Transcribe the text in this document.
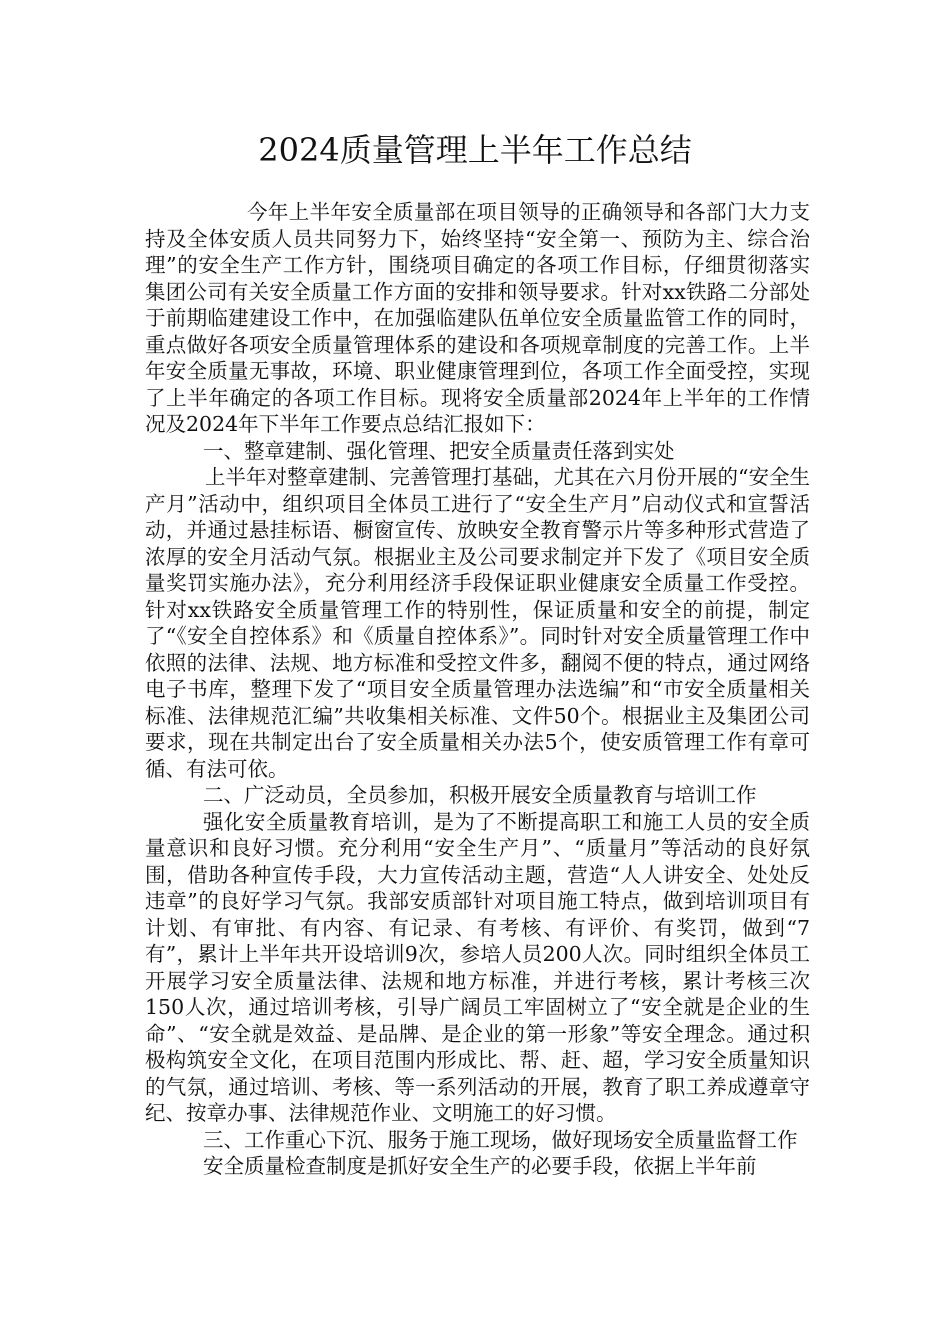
2024质量管理上半年工作总结

今年上半年安全质量部在项目领导的正确领导和各部门大力支持及全体安质人员共同努力下，始终坚持“安全第一、预防为主、综合治理”的安全生产工作方针，围绕项目确定的各项工作目标，仔细贯彻落实集团公司有关安全质量工作方面的安排和领导要求。针对xx铁路二分部处于前期临建建设工作中，在加强临建队伍单位安全质量监管工作的同时，重点做好各项安全质量管理体系的建设和各项规章制度的完善工作。上半年安全质量无事故，环境、职业健康管理到位，各项工作全面受控，实现了上半年确定的各项工作目标。现将安全质量部2024年上半年的工作情况及2024年下半年工作要点总结汇报如下：

一、整章建制、强化管理、把安全质量责任落到实处

上半年对整章建制、完善管理打基础，尤其在六月份开展的“安全生产月”活动中，组织项目全体员工进行了“安全生产月”启动仪式和宣誓活动，并通过悬挂标语、橱窗宣传、放映安全教育警示片等多种形式营造了浓厚的安全月活动气氛。根据业主及公司要求制定并下发了《项目安全质量奖罚实施办法》，充分利用经济手段保证职业健康安全质量工作受控。针对xx铁路安全质量管理工作的特别性，保证质量和安全的前提，制定了“《安全自控体系》和《质量自控体系》”。同时针对安全质量管理工作中依照的法律、法规、地方标准和受控文件多，翻阅不便的特点，通过网络电子书库，整理下发了“项目安全质量管理办法选编”和“市安全质量相关标准、法律规范汇编”共收集相关标准、文件50个。根据业主及集团公司要求，现在共制定出台了安全质量相关办法5个，使安质管理工作有章可循、有法可依。

二、广泛动员，全员参加，积极开展安全质量教育与培训工作

强化安全质量教育培训，是为了不断提高职工和施工人员的安全质量意识和良好习惯。充分利用“安全生产月”、“质量月”等活动的良好氛围，借助各种宣传手段，大力宣传活动主题，营造“人人讲安全、处处反违章”的良好学习气氛。我部安质部针对项目施工特点，做到培训项目有计划、有审批、有内容、有记录、有考核、有评价、有奖罚，做到“7有”，累计上半年共开设培训9次，参培人员200人次。同时组织全体员工开展学习安全质量法律、法规和地方标准，并进行考核，累计考核三次150人次，通过培训考核，引导广阔员工牢固树立了“安全就是企业的生命”、“安全就是效益、是品牌、是企业的第一形象”等安全理念。通过积极构筑安全文化，在项目范围内形成比、帮、赶、超，学习安全质量知识的气氛，通过培训、考核、等一系列活动的开展，教育了职工养成遵章守纪、按章办事、法律规范作业、文明施工的好习惯。

三、工作重心下沉、服务于施工现场，做好现场安全质量监督工作

安全质量检查制度是抓好安全生产的必要手段，依据上半年前
